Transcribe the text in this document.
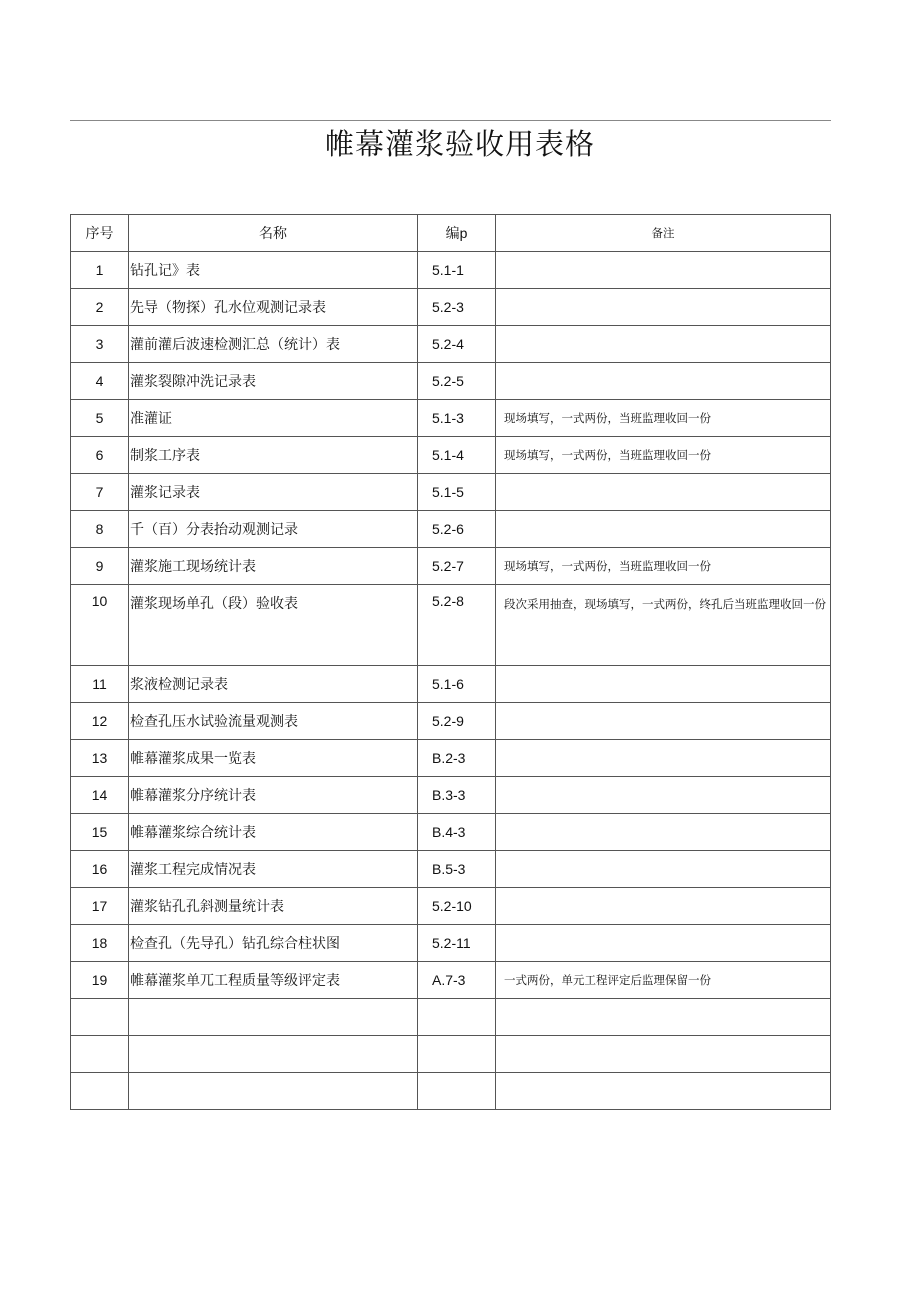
帷幕灌浆验收用表格
序号	名称	编p	备注
1	钻孔记》表	5.1-1	
2	先导（物探）孔水位观测记录表	5.2-3	
3	灌前灌后波速检测汇总（统计）表	5.2-4	
4	灌浆裂隙冲洗记录表	5.2-5	
5	准灌证	5.1-3	现场填写，一式两份，当班监理收回一份
6	制浆工序表	5.1-4	现场填写，一式两份，当班监理收回一份
7	灌浆记录表	5.1-5	
8	千（百）分表抬动观测记录	5.2-6	
9	灌浆施工现场统计表	5.2-7	现场填写，一式两份，当班监理收回一份
10	灌浆现场单孔（段）验收表	5.2-8	段次采用抽查，现场填写，一式两份，终孔后当班监理收回一份
11	浆液检测记录表	5.1-6	
12	检查孔压水试验流量观测表	5.2-9	
13	帷幕灌浆成果一览表	B.2-3	
14	帷幕灌浆分序统计表	B.3-3	
15	帷幕灌浆综合统计表	B.4-3	
16	灌浆工程完成情况表	B.5-3	
17	灌浆钻孔孔斜测量统计表	5.2-10	
18	检查孔（先导孔）钻孔综合柱状图	5.2-11	
19	帷幕灌浆单兀工程质量等级评定表	A.7-3	一式两份，单元工程评定后监理保留一份
